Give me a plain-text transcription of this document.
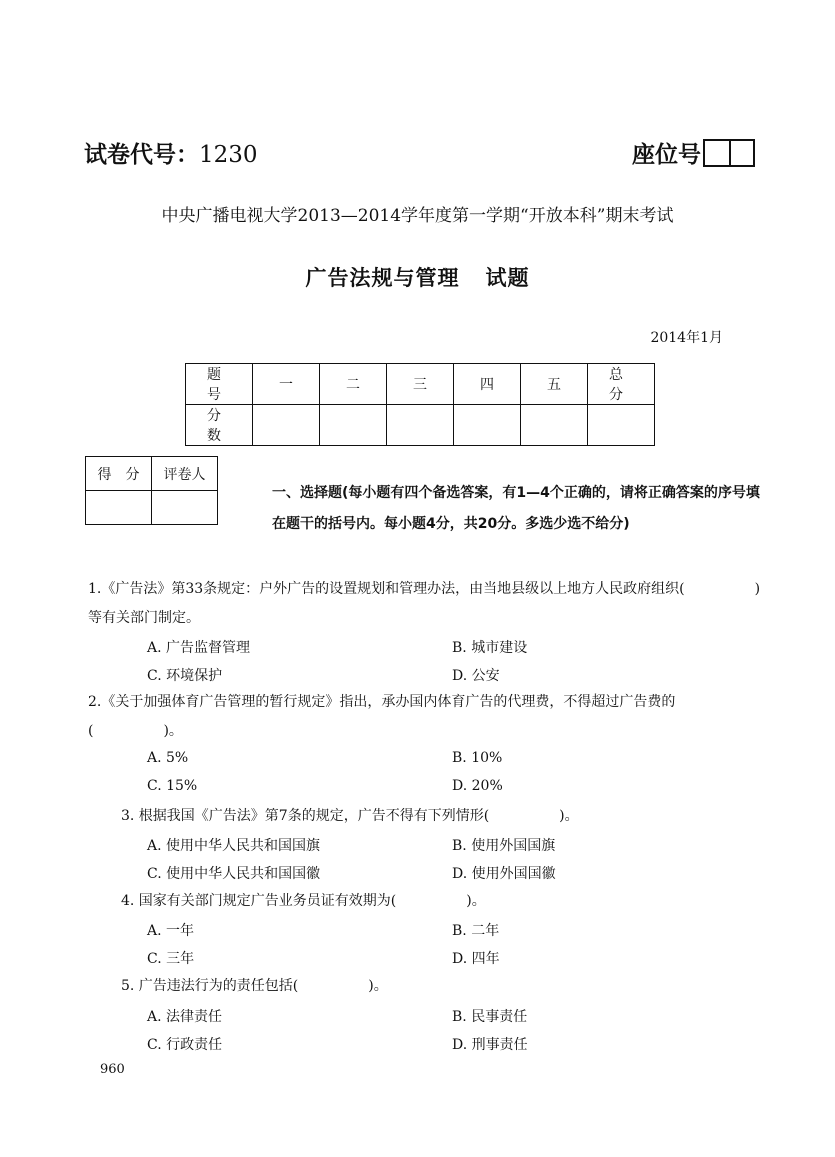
试卷代号：1230	座位号
中央广播电视大学2013—2014学年度第一学期“开放本科”期末考试
广告法规与管理 试题
2014年1月
题　号	一	二	三	四	五	总　分
分　数						
得　分	评卷人

一、选择题(每小题有四个备选答案，有1—4个正确的，请将正确答案的序号填在题干的括号内。每小题4分，共20分。多选少选不给分)
1.《广告法》第33条规定：户外广告的设置规划和管理办法，由当地县级以上地方人民政府组织(　　　　　)等有关部门制定。
A. 广告监督管理	B. 城市建设
C. 环境保护	D. 公安
2.《关于加强体育广告管理的暂行规定》指出，承办国内体育广告的代理费，不得超过广告费的(　　　　　)。
A. 5%	B. 10%
C. 15%	D. 20%
3. 根据我国《广告法》第7条的规定，广告不得有下列情形(　　　　　)。
A. 使用中华人民共和国国旗	B. 使用外国国旗
C. 使用中华人民共和国国徽	D. 使用外国国徽
4. 国家有关部门规定广告业务员证有效期为(　　　　　)。
A. 一年	B. 二年
C. 三年	D. 四年
5. 广告违法行为的责任包括(　　　　　)。
A. 法律责任	B. 民事责任
C. 行政责任	D. 刑事责任
960
